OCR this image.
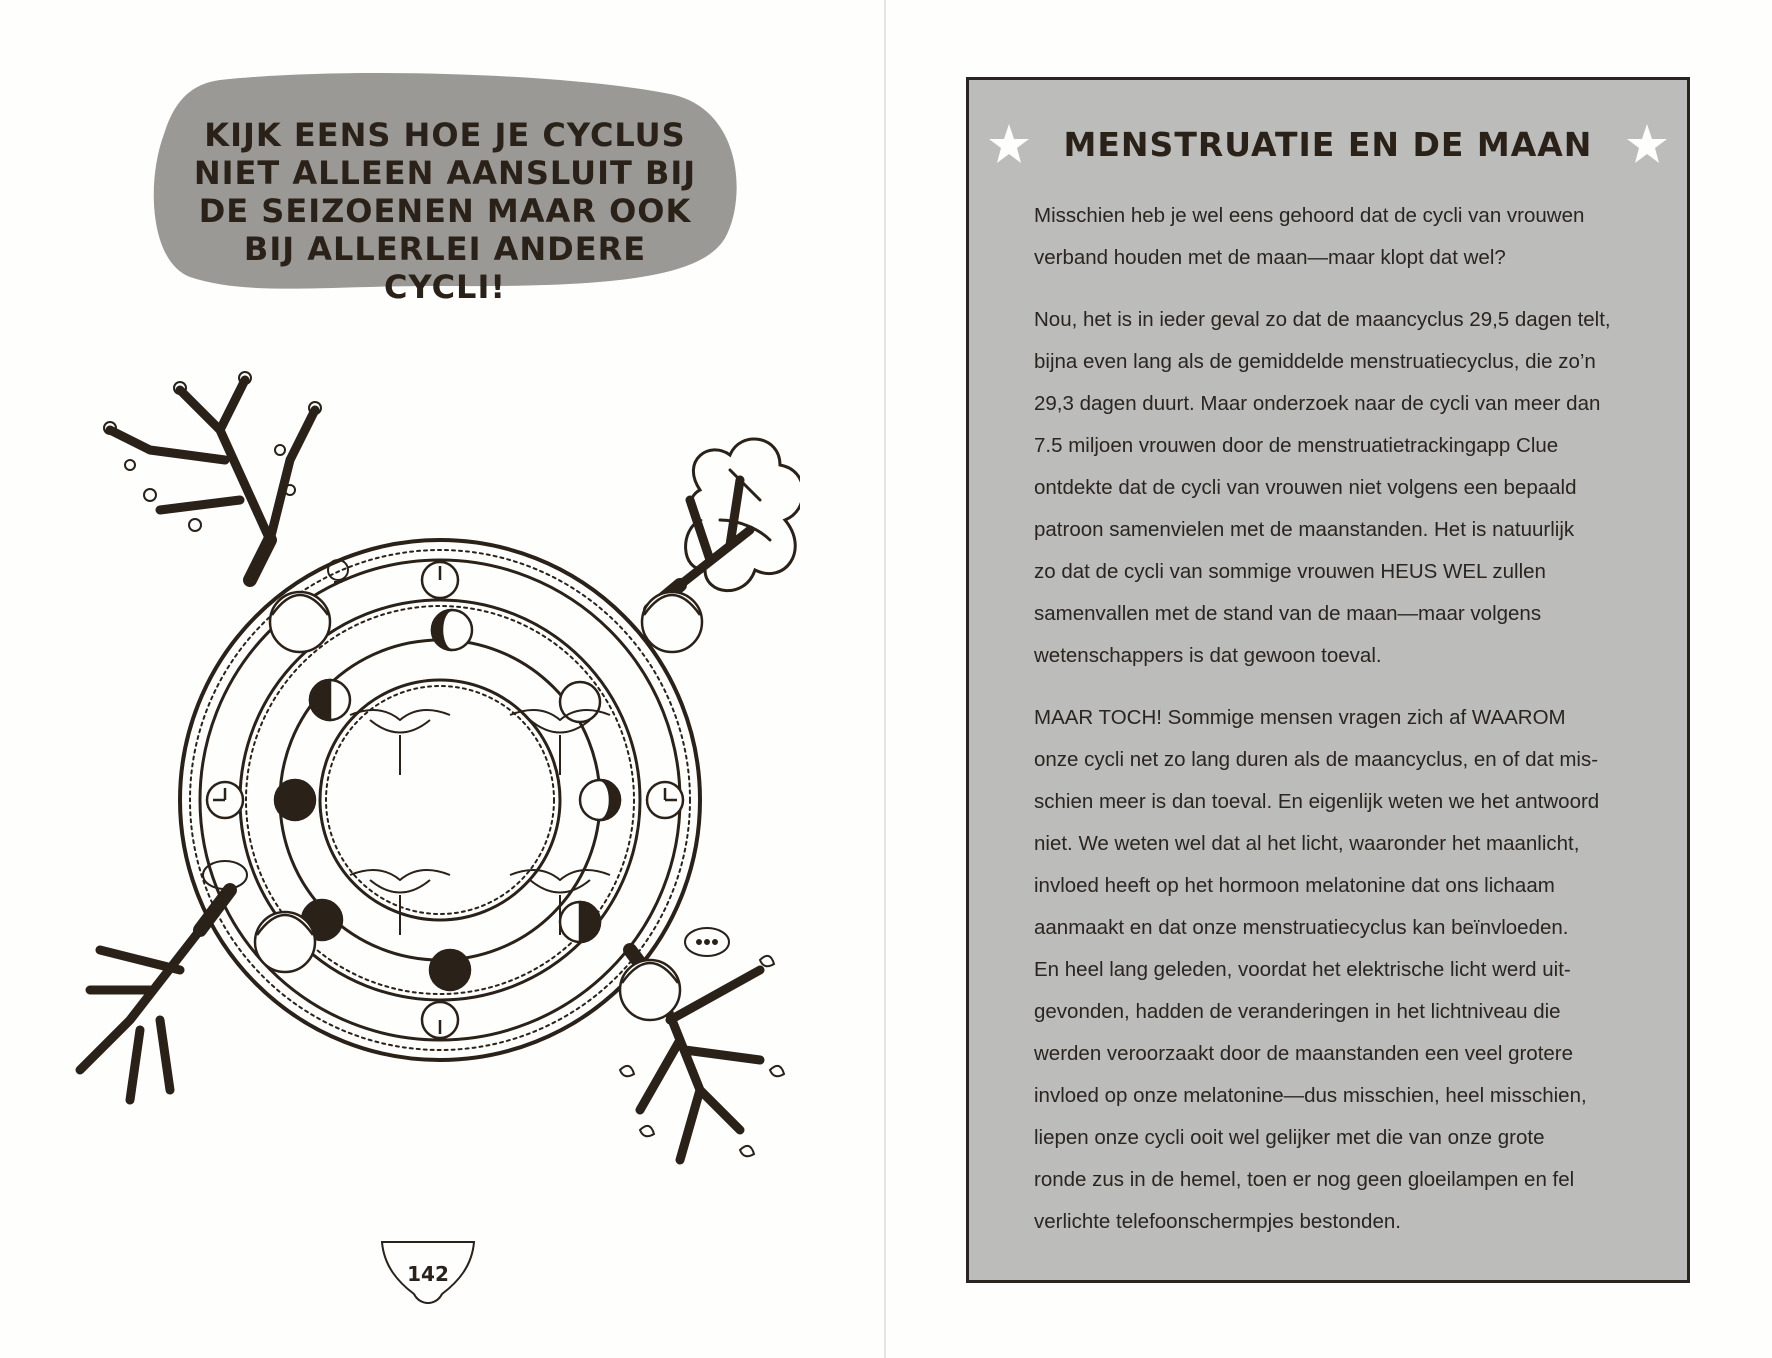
KIJK EENS HOE JE CYCLUS
NIET ALLEEN AANSLUIT BIJ
DE SEIZOENEN MAAR OOK
BIJ ALLERLEI ANDERE CYCLI!
142
MENSTRUATIE EN DE MAAN

Misschien heb je wel eens gehoord dat de cycli van vrouwen
verband houden met de maan—maar klopt dat wel?

Nou, het is in ieder geval zo dat de maancyclus 29,5 dagen telt,
bijna even lang als de gemiddelde menstruatiecyclus, die zo’n
29,3 dagen duurt. Maar onderzoek naar de cycli van meer dan
7.5 miljoen vrouwen door de menstruatietrackingapp Clue
ontdekte dat de cycli van vrouwen niet volgens een bepaald
patroon samenvielen met de maanstanden. Het is natuurlijk
zo dat de cycli van sommige vrouwen HEUS WEL zullen
samenvallen met de stand van de maan—maar volgens
wetenschappers is dat gewoon toeval.

MAAR TOCH! Sommige mensen vragen zich af WAAROM
onze cycli net zo lang duren als de maancyclus, en of dat mis-
schien meer is dan toeval. En eigenlijk weten we het antwoord
niet. We weten wel dat al het licht, waaronder het maanlicht,
invloed heeft op het hormoon melatonine dat ons lichaam
aanmaakt en dat onze menstruatiecyclus kan beïnvloeden.
En heel lang geleden, voordat het elektrische licht werd uit-
gevonden, hadden de veranderingen in het lichtniveau die
werden veroorzaakt door de maanstanden een veel grotere
invloed op onze melatonine—dus misschien, heel misschien,
liepen onze cycli ooit wel gelijker met die van onze grote
ronde zus in de hemel, toen er nog geen gloeilampen en fel
verlichte telefoonschermpjes bestonden.
